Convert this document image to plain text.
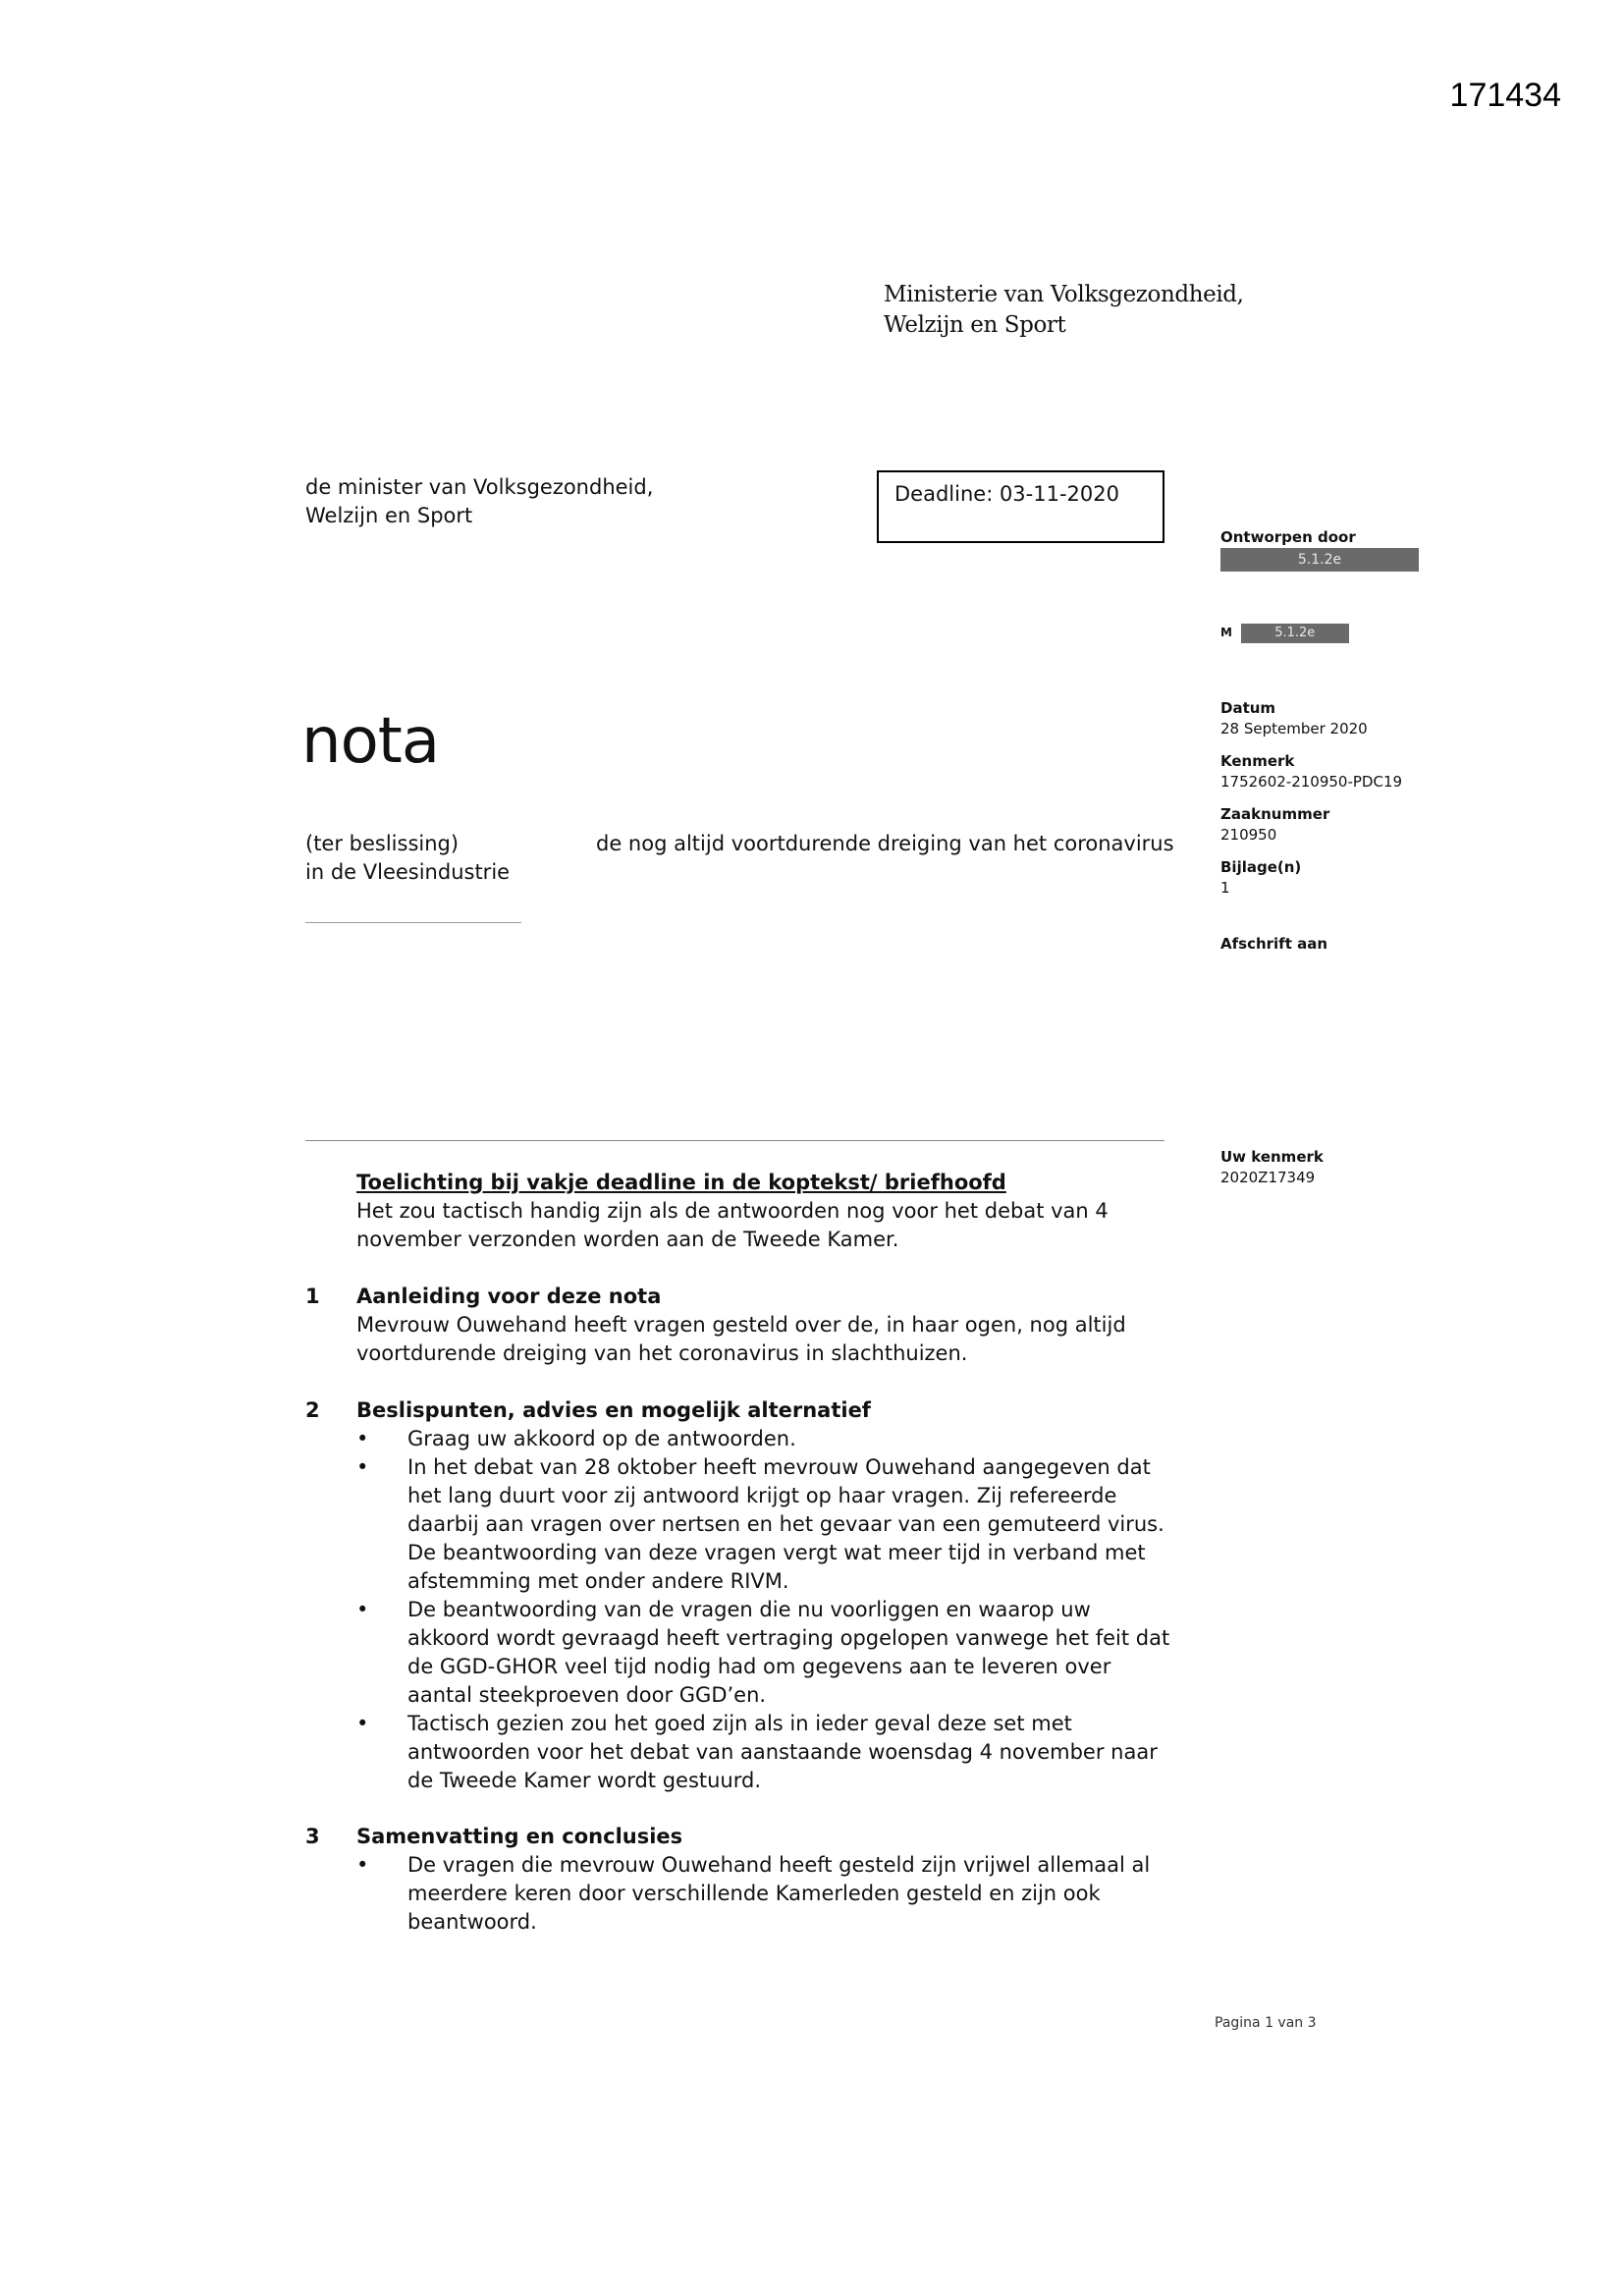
171434
Ministerie van Volksgezondheid,
Welzijn en Sport
de minister van Volksgezondheid,
Welzijn en Sport
Deadline: 03-11-2020
nota
(ter beslissing)
in de Vleesindustrie
de nog altijd voortdurende dreiging van het coronavirus
Ontworpen door
5.1.2e
M	5.1.2e
Datum
28 September 2020
Kenmerk
1752602-210950-PDC19
Zaaknummer
210950
Bijlage(n)
1
Afschrift aan
Uw kenmerk
2020Z17349
Toelichting bij vakje deadline in de koptekst/ briefhoofd
Het zou tactisch handig zijn als de antwoorden nog voor het debat van 4
november verzonden worden aan de Tweede Kamer.
1 Aanleiding voor deze nota
Mevrouw Ouwehand heeft vragen gesteld over de, in haar ogen, nog altijd
voortdurende dreiging van het coronavirus in slachthuizen.
2 Beslispunten, advies en mogelijk alternatief
• Graag uw akkoord op de antwoorden.
• In het debat van 28 oktober heeft mevrouw Ouwehand aangegeven dat
het lang duurt voor zij antwoord krijgt op haar vragen. Zij refereerde
daarbij aan vragen over nertsen en het gevaar van een gemuteerd virus.
De beantwoording van deze vragen vergt wat meer tijd in verband met
afstemming met onder andere RIVM.
• De beantwoording van de vragen die nu voorliggen en waarop uw
akkoord wordt gevraagd heeft vertraging opgelopen vanwege het feit dat
de GGD-GHOR veel tijd nodig had om gegevens aan te leveren over
aantal steekproeven door GGD’en.
• Tactisch gezien zou het goed zijn als in ieder geval deze set met
antwoorden voor het debat van aanstaande woensdag 4 november naar
de Tweede Kamer wordt gestuurd.
3 Samenvatting en conclusies
• De vragen die mevrouw Ouwehand heeft gesteld zijn vrijwel allemaal al
meerdere keren door verschillende Kamerleden gesteld en zijn ook
beantwoord.
Pagina 1 van 3
